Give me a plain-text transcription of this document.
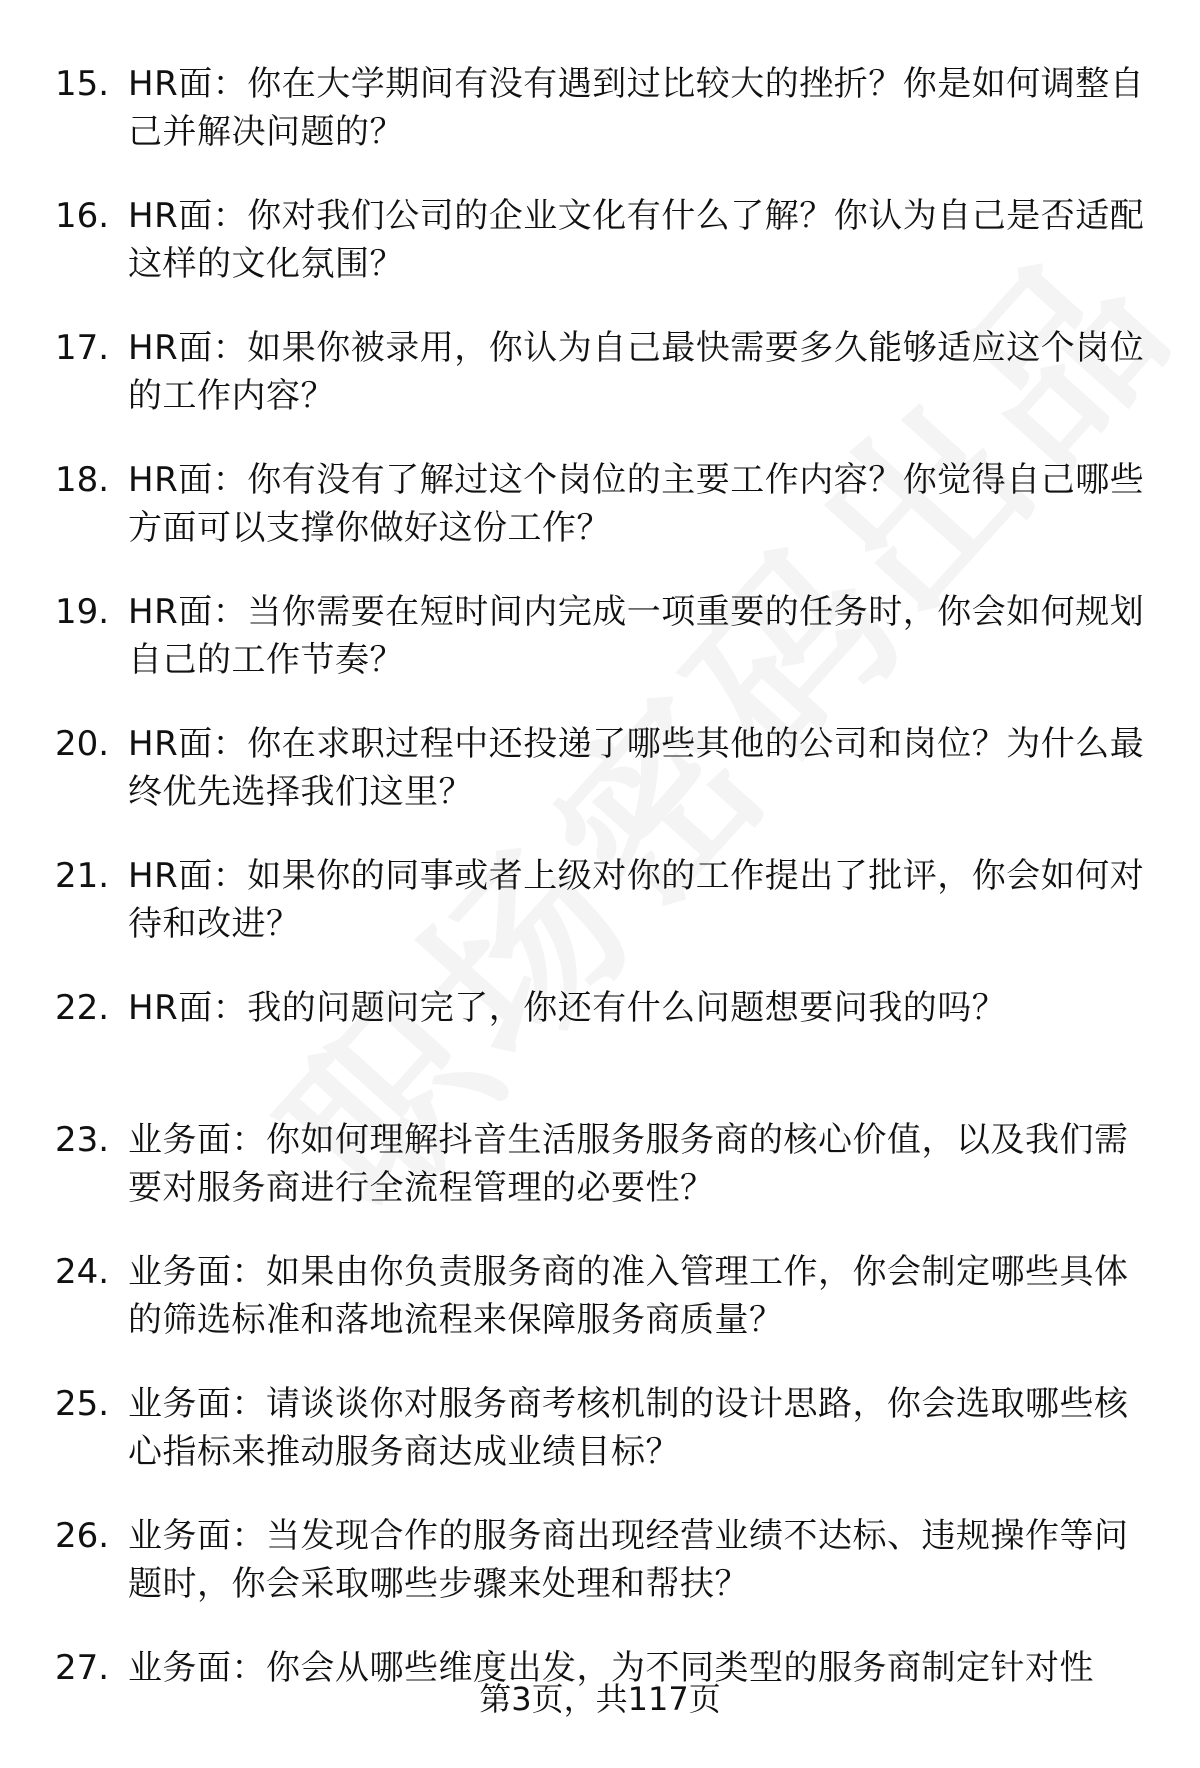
15. HR面：你在大学期间有没有遇到过比较大的挫折？你是如何调整自己并解决问题的？
16. HR面：你对我们公司的企业文化有什么了解？你认为自己是否适配这样的文化氛围？
17. HR面：如果你被录用，你认为自己最快需要多久能够适应这个岗位的工作内容？
18. HR面：你有没有了解过这个岗位的主要工作内容？你觉得自己哪些方面可以支撑你做好这份工作？
19. HR面：当你需要在短时间内完成一项重要的任务时，你会如何规划自己的工作节奏？
20. HR面：你在求职过程中还投递了哪些其他的公司和岗位？为什么最终优先选择我们这里？
21. HR面：如果你的同事或者上级对你的工作提出了批评，你会如何对待和改进？
22. HR面：我的问题问完了，你还有什么问题想要问我的吗？
23. 业务面：你如何理解抖音生活服务服务商的核心价值，以及我们需要对服务商进行全流程管理的必要性？
24. 业务面：如果由你负责服务商的准入管理工作，你会制定哪些具体的筛选标准和落地流程来保障服务商质量？
25. 业务面：请谈谈你对服务商考核机制的设计思路，你会选取哪些核心指标来推动服务商达成业绩目标？
26. 业务面：当发现合作的服务商出现经营业绩不达标、违规操作等问题时，你会采取哪些步骤来处理和帮扶？
27. 业务面：你会从哪些维度出发，为不同类型的服务商制定针对性
第3页，共117页
